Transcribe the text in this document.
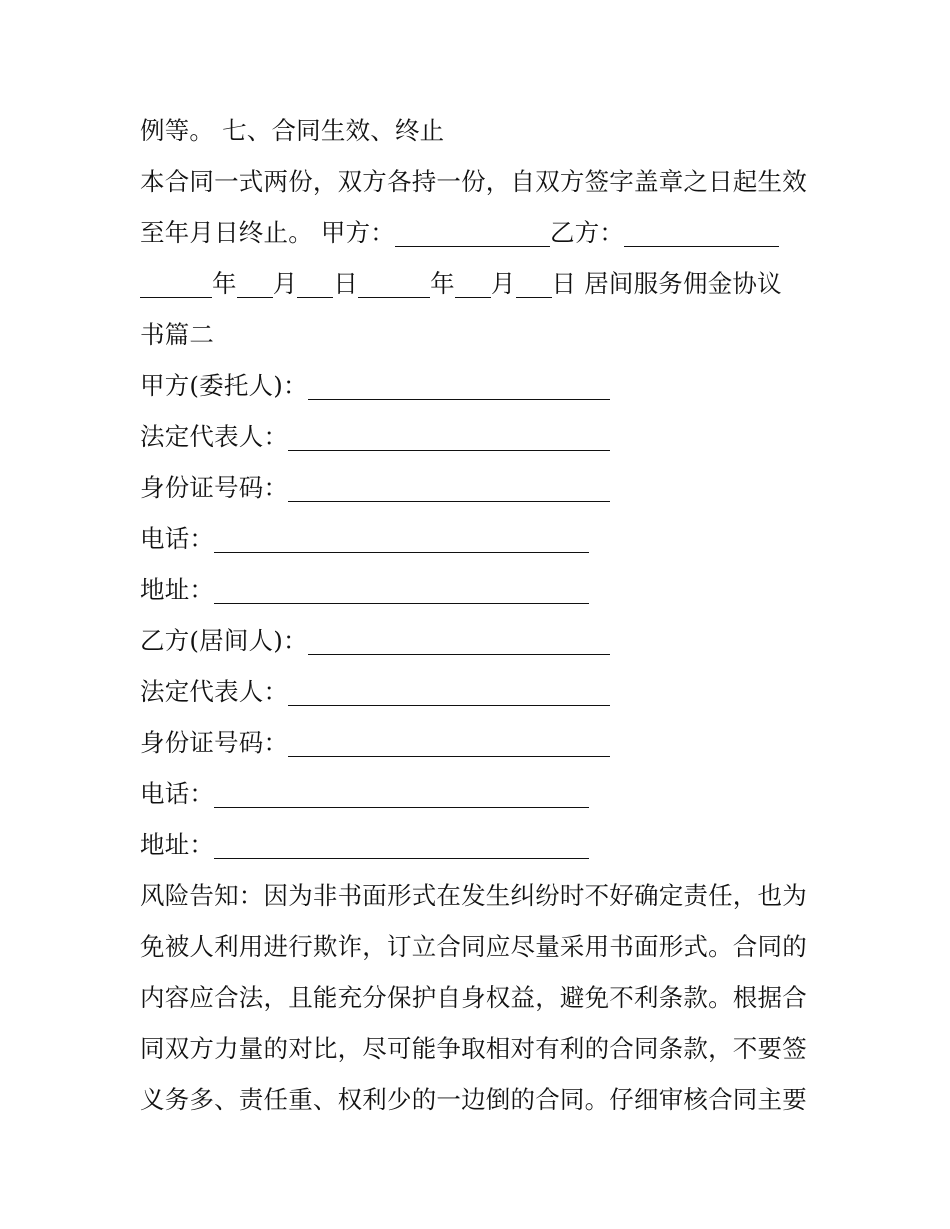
例等。 七、合同生效、终止
本合同一式两份，双方各持一份，自双方签字盖章之日起生效
至年月日终止。 甲方：	乙方：
年 月 日	年 月 日 居间服务佣金协议
书篇二
甲方(委托人)：
法定代表人：
身份证号码：
电话：
地址：
乙方(居间人)：
法定代表人：
身份证号码：
电话：
地址：
风险告知：因为非书面形式在发生纠纷时不好确定责任，也为
免被人利用进行欺诈，订立合同应尽量采用书面形式。合同的
内容应合法，且能充分保护自身权益，避免不利条款。根据合
同双方力量的对比，尽可能争取相对有利的合同条款，不要签
义务多、责任重、权利少的一边倒的合同。仔细审核合同主要
